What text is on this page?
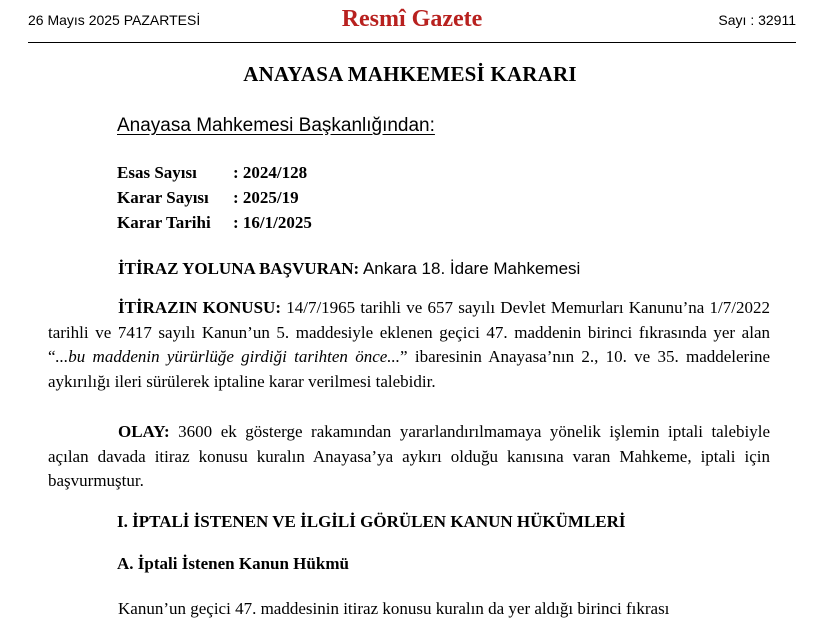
26 Mayıs 2025 PAZARTESİ	Resmî Gazete	Sayı : 32911
ANAYASA MAHKEMESİ KARARI
Anayasa Mahkemesi Başkanlığından:
Esas Sayısı : 2024/128
Karar Sayısı : 2025/19
Karar Tarihi : 16/1/2025
İTİRAZ YOLUNA BAŞVURAN: Ankara 18. İdare Mahkemesi
İTİRAZIN KONUSU: 14/7/1965 tarihli ve 657 sayılı Devlet Memurları Kanunu’na 1/7/2022 tarihli ve 7417 sayılı Kanun’un 5. maddesiyle eklenen geçici 47. maddenin birinci fıkrasında yer alan “...bu maddenin yürürlüğe girdiği tarihten önce...” ibaresinin Anayasa’nın 2., 10. ve 35. maddelerine aykırılığı ileri sürülerek iptaline karar verilmesi talebidir.
OLAY: 3600 ek gösterge rakamından yararlandırılmamaya yönelik işlemin iptali talebiyle açılan davada itiraz konusu kuralın Anayasa’ya aykırı olduğu kanısına varan Mahkeme, iptali için başvurmuştur.
I. İPTALİ İSTENEN VE İLGİLİ GÖRÜLEN KANUN HÜKÜMLERİ
A. İptali İstenen Kanun Hükmü
Kanun’un geçici 47. maddesinin itiraz konusu kuralın da yer aldığı birinci fıkrası
